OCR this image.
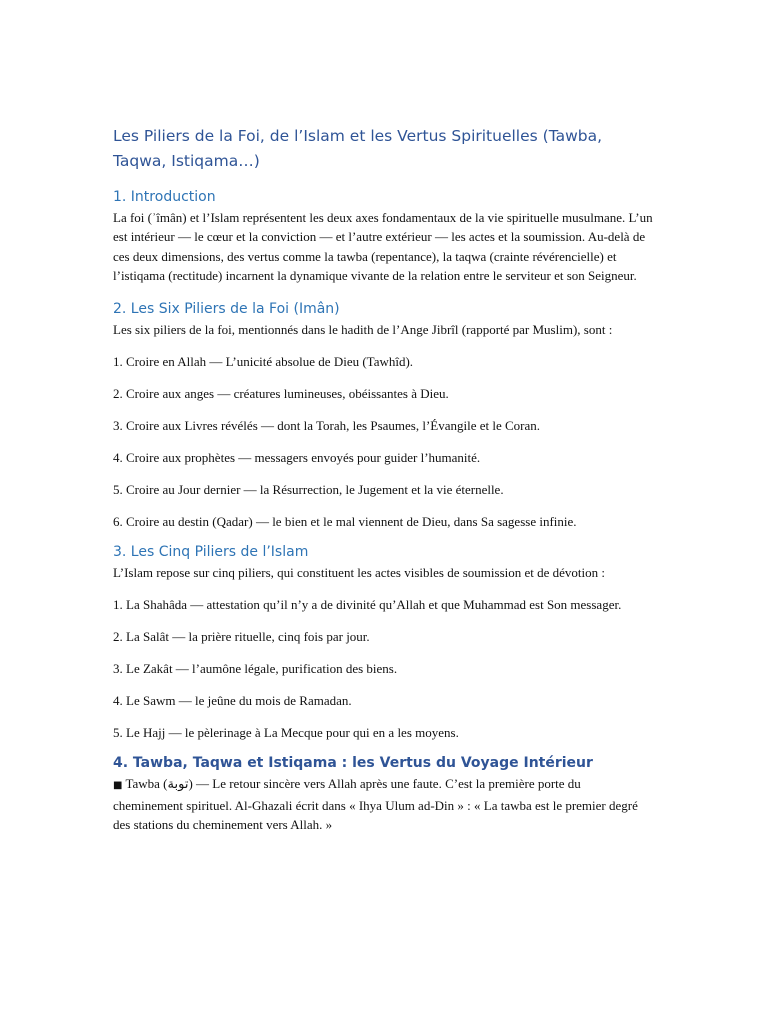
Les Piliers de la Foi, de l’Islam et les Vertus Spirituelles (Tawba, Taqwa, Istiqama…)
1. Introduction

La foi (ʾîmân) et l’Islam représentent les deux axes fondamentaux de la vie spirituelle musulmane. L’un est intérieur — le cœur et la conviction — et l’autre extérieur — les actes et la soumission. Au-delà de ces deux dimensions, des vertus comme la tawba (repentance), la taqwa (crainte révérencielle) et l’istiqama (rectitude) incarnent la dynamique vivante de la relation entre le serviteur et son Seigneur.

2. Les Six Piliers de la Foi (Imân)

Les six piliers de la foi, mentionnés dans le hadith de l’Ange Jibrîl (rapporté par Muslim), sont :

1. Croire en Allah — L’unicité absolue de Dieu (Tawhîd).

2. Croire aux anges — créatures lumineuses, obéissantes à Dieu.

3. Croire aux Livres révélés — dont la Torah, les Psaumes, l’Évangile et le Coran.

4. Croire aux prophètes — messagers envoyés pour guider l’humanité.

5. Croire au Jour dernier — la Résurrection, le Jugement et la vie éternelle.

6. Croire au destin (Qadar) — le bien et le mal viennent de Dieu, dans Sa sagesse infinie.

3. Les Cinq Piliers de l’Islam

L’Islam repose sur cinq piliers, qui constituent les actes visibles de soumission et de dévotion :

1. La Shahâda — attestation qu’il n’y a de divinité qu’Allah et que Muhammad est Son messager.

2. La Salât — la prière rituelle, cinq fois par jour.

3. Le Zakât — l’aumône légale, purification des biens.

4. Le Sawm — le jeûne du mois de Ramadan.

5. Le Hajj — le pèlerinage à La Mecque pour qui en a les moyens.

4. Tawba, Taqwa et Istiqama : les Vertus du Voyage Intérieur

■ Tawba (توبة) — Le retour sincère vers Allah après une faute. C’est la première porte du cheminement spirituel. Al-Ghazali écrit dans « Ihya Ulum ad-Din » : « La tawba est le premier degré des stations du cheminement vers Allah. »
